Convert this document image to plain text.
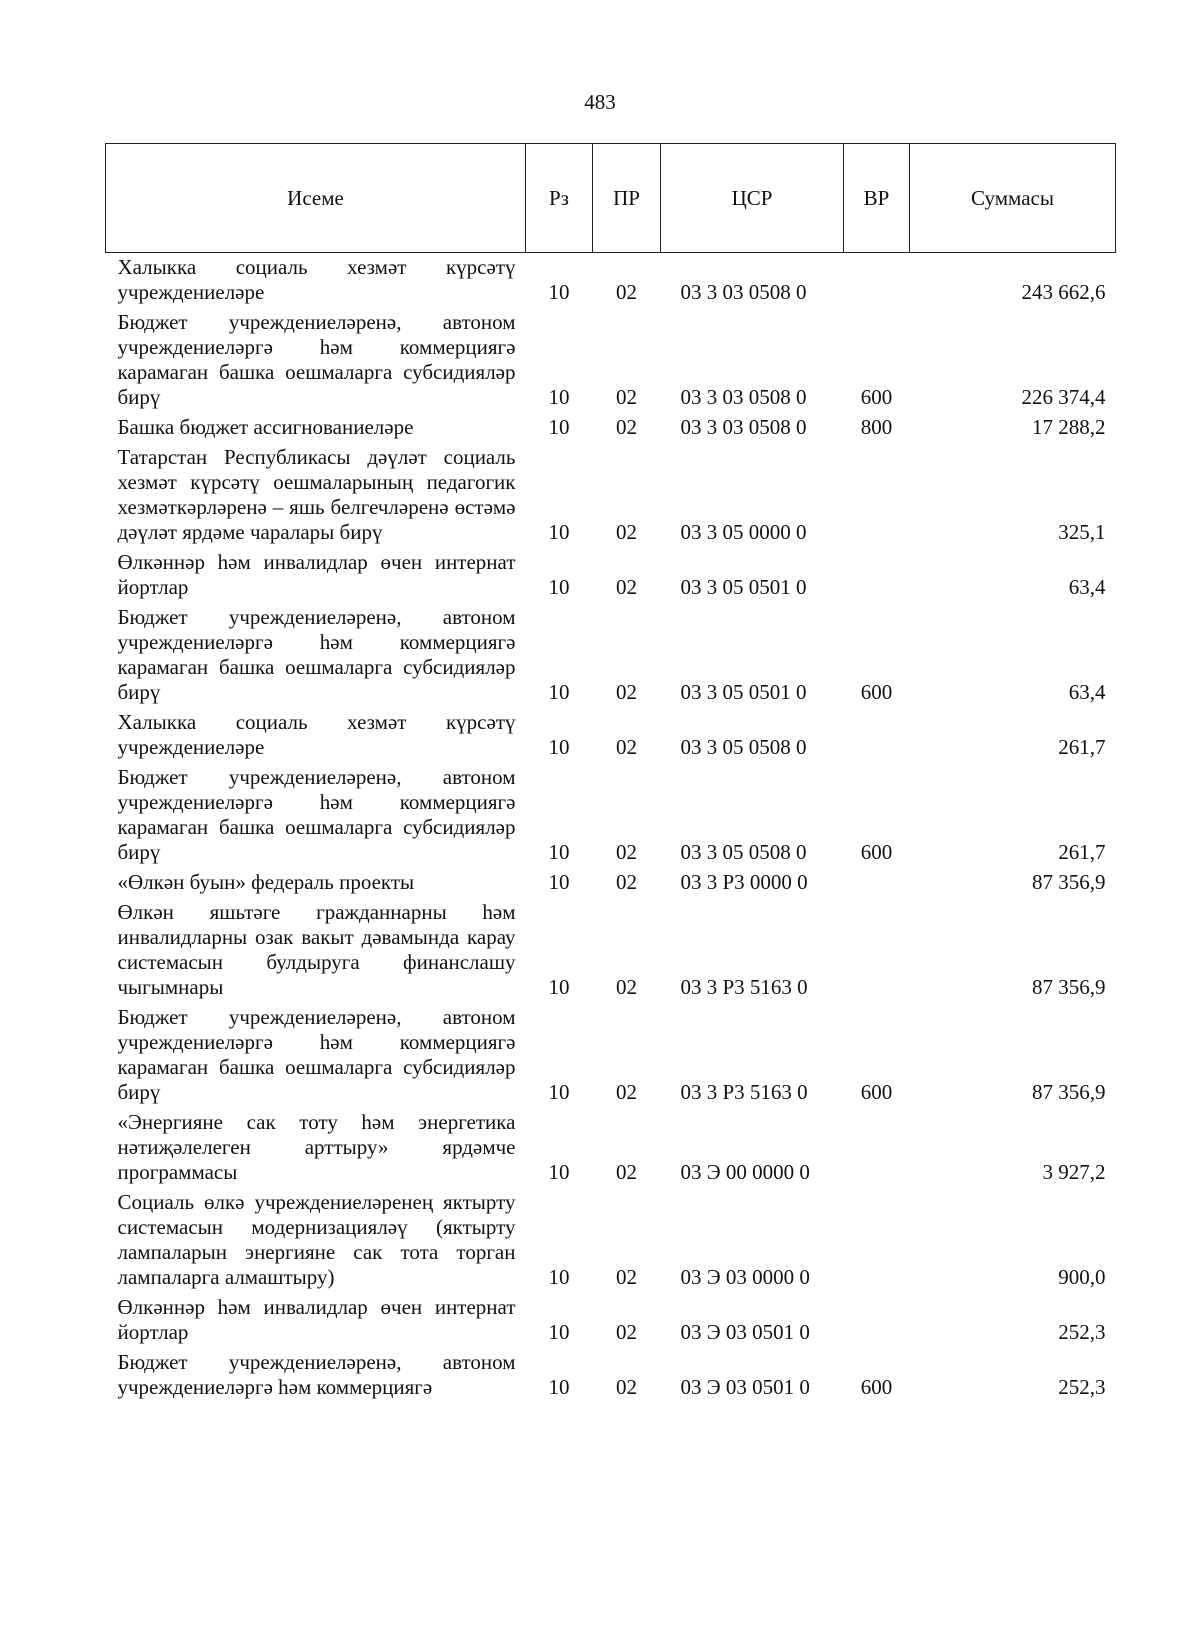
483
Исеме	Рз	ПР	ЦСР	ВР	Суммасы
Халыкка социаль хезмәт күрсәтү учреждениеләре	10	02	03 3 03 0508 0		243 662,6
Бюджет учреждениеләренә, автоном учреждениеләргә һәм коммерциягә карамаган башка оешмаларга субсидияләр бирү	10	02	03 3 03 0508 0	600	226 374,4
Башка бюджет ассигнованиеләре	10	02	03 3 03 0508 0	800	17 288,2
Татарстан Республикасы дәүләт социаль хезмәт күрсәтү оешмаларының педагогик хезмәткәрләренә – яшь белгечләренә өстәмә дәүләт ярдәме чаралары бирү	10	02	03 3 05 0000 0		325,1
Өлкәннәр һәм инвалидлар өчен интернат йортлар	10	02	03 3 05 0501 0		63,4
Бюджет учреждениеләренә, автоном учреждениеләргә һәм коммерциягә карамаган башка оешмаларга субсидияләр бирү	10	02	03 3 05 0501 0	600	63,4
Халыкка социаль хезмәт күрсәтү учреждениеләре	10	02	03 3 05 0508 0		261,7
Бюджет учреждениеләренә, автоном учреждениеләргә һәм коммерциягә карамаган башка оешмаларга субсидияләр бирү	10	02	03 3 05 0508 0	600	261,7
«Өлкән буын» федераль проекты	10	02	03 3 P3 0000 0		87 356,9
Өлкән яшьтәге гражданнарны һәм инвалидларны озак вакыт дәвамында карау системасын булдыруга финанслашу чыгымнары	10	02	03 3 P3 5163 0		87 356,9
Бюджет учреждениеләренә, автоном учреждениеләргә һәм коммерциягә карамаган башка оешмаларга субсидияләр бирү	10	02	03 3 P3 5163 0	600	87 356,9
«Энергияне сак тоту һәм энергетика нәтиҗәлелеген арттыру» ярдәмче программасы	10	02	03 Э 00 0000 0		3 927,2
Социаль өлкә учреждениеләренең яктырту системасын модернизацияләү (яктырту лампаларын энергияне сак тота торган лампаларга алмаштыру)	10	02	03 Э 03 0000 0		900,0
Өлкәннәр һәм инвалидлар өчен интернат йортлар	10	02	03 Э 03 0501 0		252,3
Бюджет учреждениеләренә, автоном учреждениеләргә һәм коммерциягә	10	02	03 Э 03 0501 0	600	252,3
